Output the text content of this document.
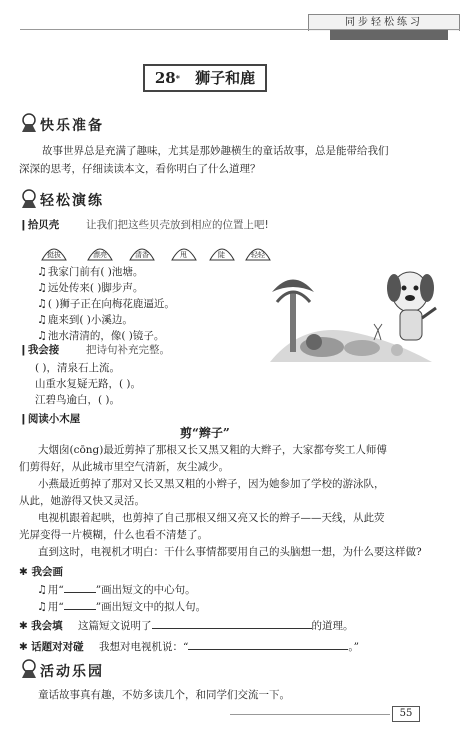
同步轻松练习
28* 狮子和鹿
快乐准备
故事世界总是充满了趣味，尤其是那妙趣横生的童话故事，总是能带给我们
深深的思考，仔细读读本文，看你明白了什么道理？
轻松演练
❙拾贝壳	让我们把这些贝壳放到相应的位置上吧!
挺拔	漂亮	清香	甩	陡	轻轻
♫我家门前有( )池塘。
♫远处传来( )脚步声。
♫( )狮子正在向梅花鹿逼近。
♫鹿来到( )小溪边。
♫池水清清的，像( )镜子。
❙我会接	把诗句补充完整。
( )，清泉石上流。
山重水复疑无路，( )。
江碧鸟逾白，( )。
❙阅读小木屋
剪“辫子”
大烟囱(cōng)最近剪掉了那根又长又黑又粗的大辫子，大家都夸奖工人师傅
们剪得好，从此城市里空气清新，灰尘减少。
小燕最近剪掉了那对又长又黑又粗的小辫子，因为她参加了学校的游泳队，
从此，她游得又快又灵活。
电视机跟着起哄，也剪掉了自己那根又细又亮又长的辫子——天线，从此荧
光屏变得一片模糊，什么也看不清楚了。
直到这时，电视机才明白：干什么事情都要用自己的头脑想一想，为什么要这样做?
✱ 我会画
♫用“	”画出短文的中心句。
♫用“	”画出短文中的拟人句。
✱ 我会填 这篇短文说明了	的道理。
✱ 话题对对碰 我想对电视机说：“	。”
活动乐园
童话故事真有趣，不妨多读几个，和同学们交流一下。
55
